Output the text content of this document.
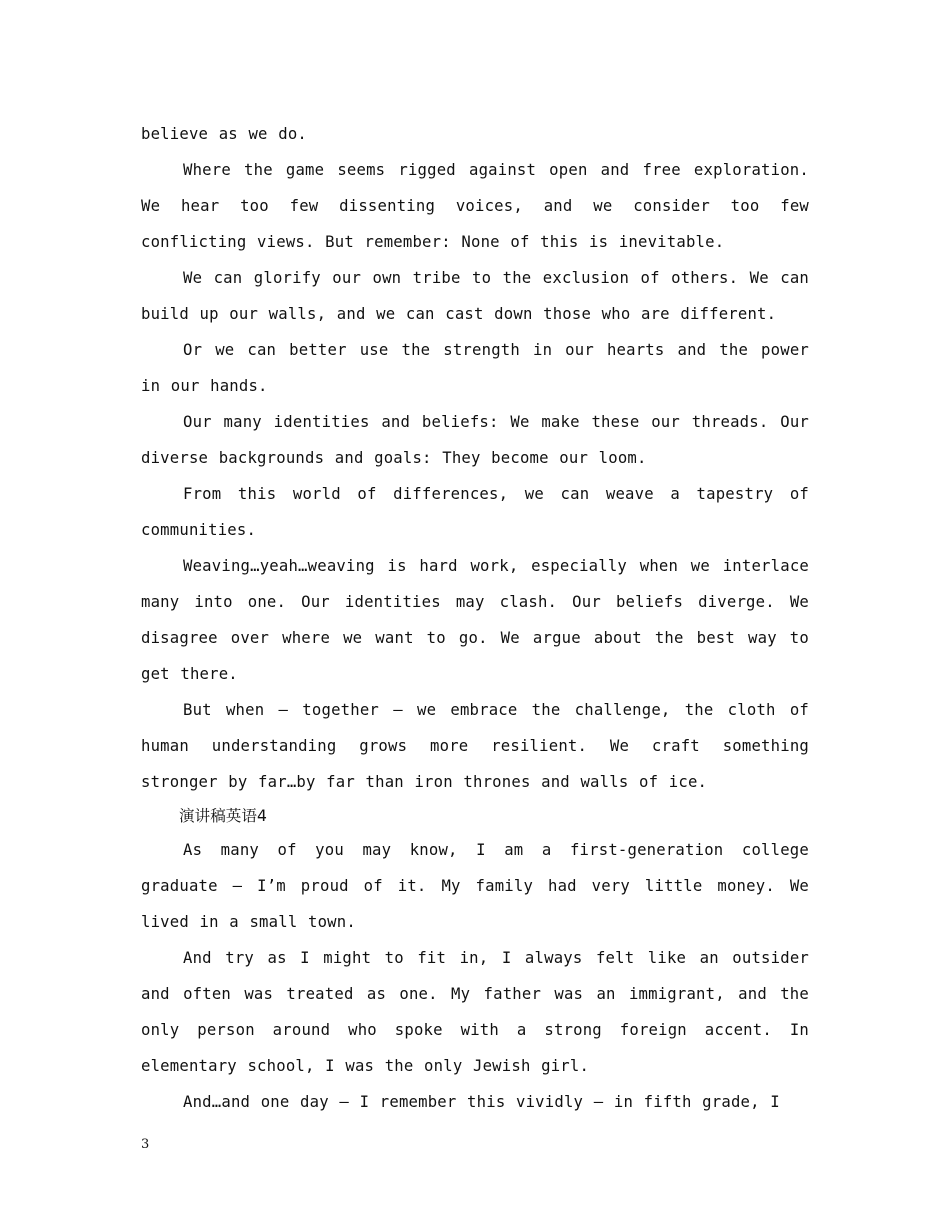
believe as we do.

Where the game seems rigged against open and free exploration. We hear too few dissenting voices, and we consider too few conflicting views. But remember: None of this is inevitable.

We can glorify our own tribe to the exclusion of others. We can build up our walls, and we can cast down those who are different.

Or we can better use the strength in our hearts and the power in our hands.

Our many identities and beliefs: We make these our threads. Our diverse backgrounds and goals: They become our loom.

From this world of differences, we can weave a tapestry of communities.

Weaving…yeah…weaving is hard work, especially when we interlace many into one. Our identities may clash. Our beliefs diverge. We disagree over where we want to go. We argue about the best way to get there.

But when – together – we embrace the challenge, the cloth of human understanding grows more resilient. We craft something stronger by far…by far than iron thrones and walls of ice.

演讲稿英语4

As many of you may know, I am a first-generation college graduate – I’m proud of it. My family had very little money. We lived in a small town.

And try as I might to fit in, I always felt like an outsider and often was treated as one. My father was an immigrant, and the only person around who spoke with a strong foreign accent. In elementary school, I was the only Jewish girl.

And…and one day – I remember this vividly – in fifth grade, I

3
